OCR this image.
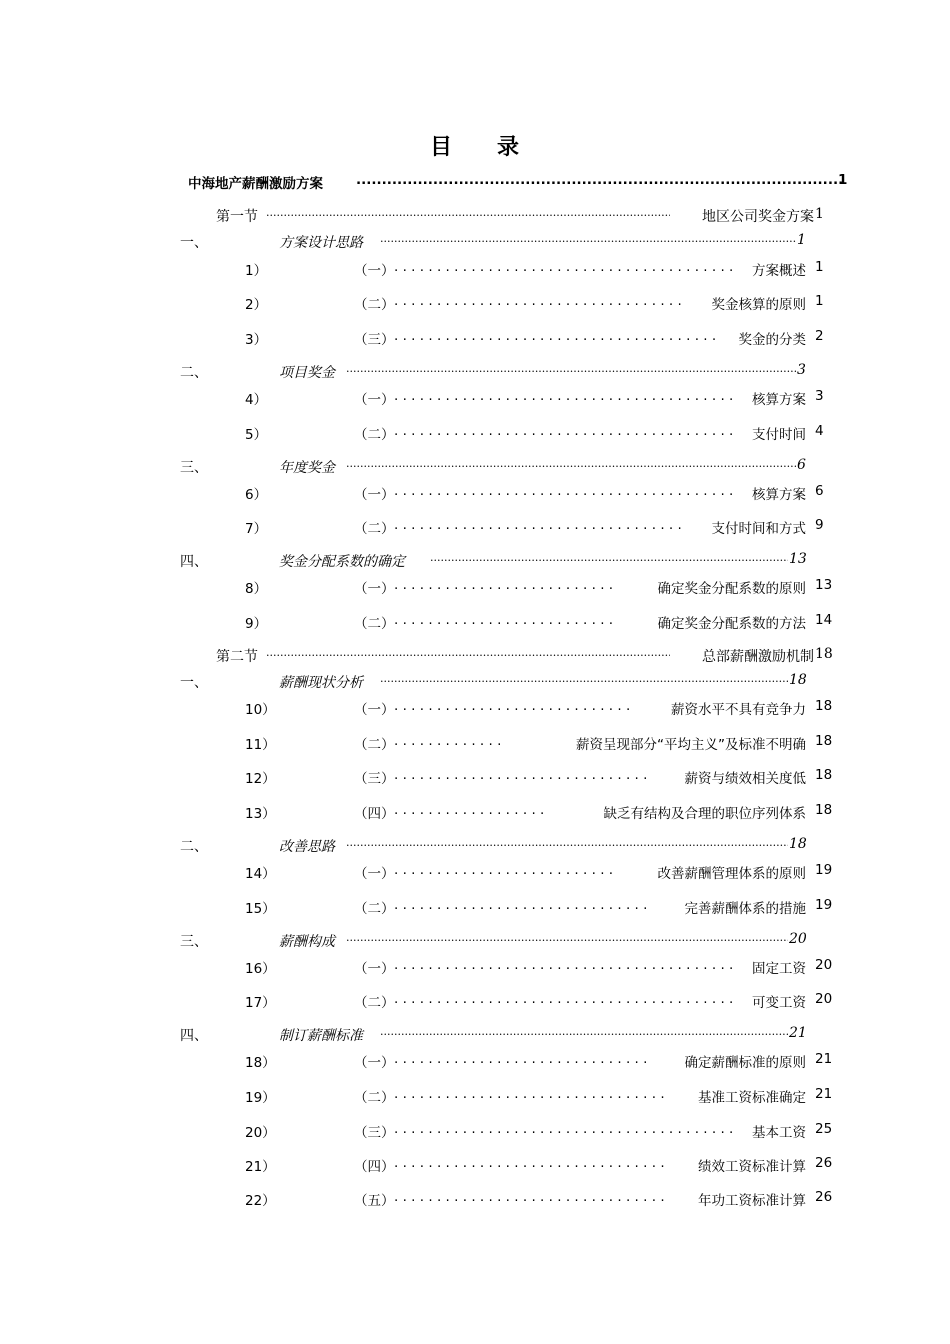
目 录
中海地产薪酬激励方案 .....	1
第一节 .....	地区公司奖金方案 1
一、	方案设计思路 .....	1
1）	（一） .....	方案概述 1
2）	（二） .....	奖金核算的原则 1
3）	（三） .....	奖金的分类 2
二、	项目奖金 .....	3
4）	（一） .....	核算方案 3
5）	（二） .....	支付时间 4
三、	年度奖金 .....	6
6）	（一） .....	核算方案 6
7）	（二） .....	支付时间和方式 9
四、	奖金分配系数的确定 .....	13
8）	（一） .....	确定奖金分配系数的原则 13
9）	（二） .....	确定奖金分配系数的方法 14
第二节 .....	总部薪酬激励机制 18
一、	薪酬现状分析 .....	18
10）	（一） .....	薪资水平不具有竞争力 18
11）	（二） .....	薪资呈现部分“平均主义”及标准不明确 18
12）	（三） .....	薪资与绩效相关度低 18
13）	（四） .....	缺乏有结构及合理的职位序列体系 18
二、	改善思路 .....	18
14）	（一） .....	改善薪酬管理体系的原则 19
15）	（二） .....	完善薪酬体系的措施 19
三、	薪酬构成 .....	20
16）	（一） .....	固定工资 20
17）	（二） .....	可变工资 20
四、	制订薪酬标准 .....	21
18）	（一） .....	确定薪酬标准的原则 21
19）	（二） .....	基准工资标准确定 21
20）	（三） .....	基本工资 25
21）	（四） .....	绩效工资标准计算 26
22）	（五） .....	年功工资标准计算 26
